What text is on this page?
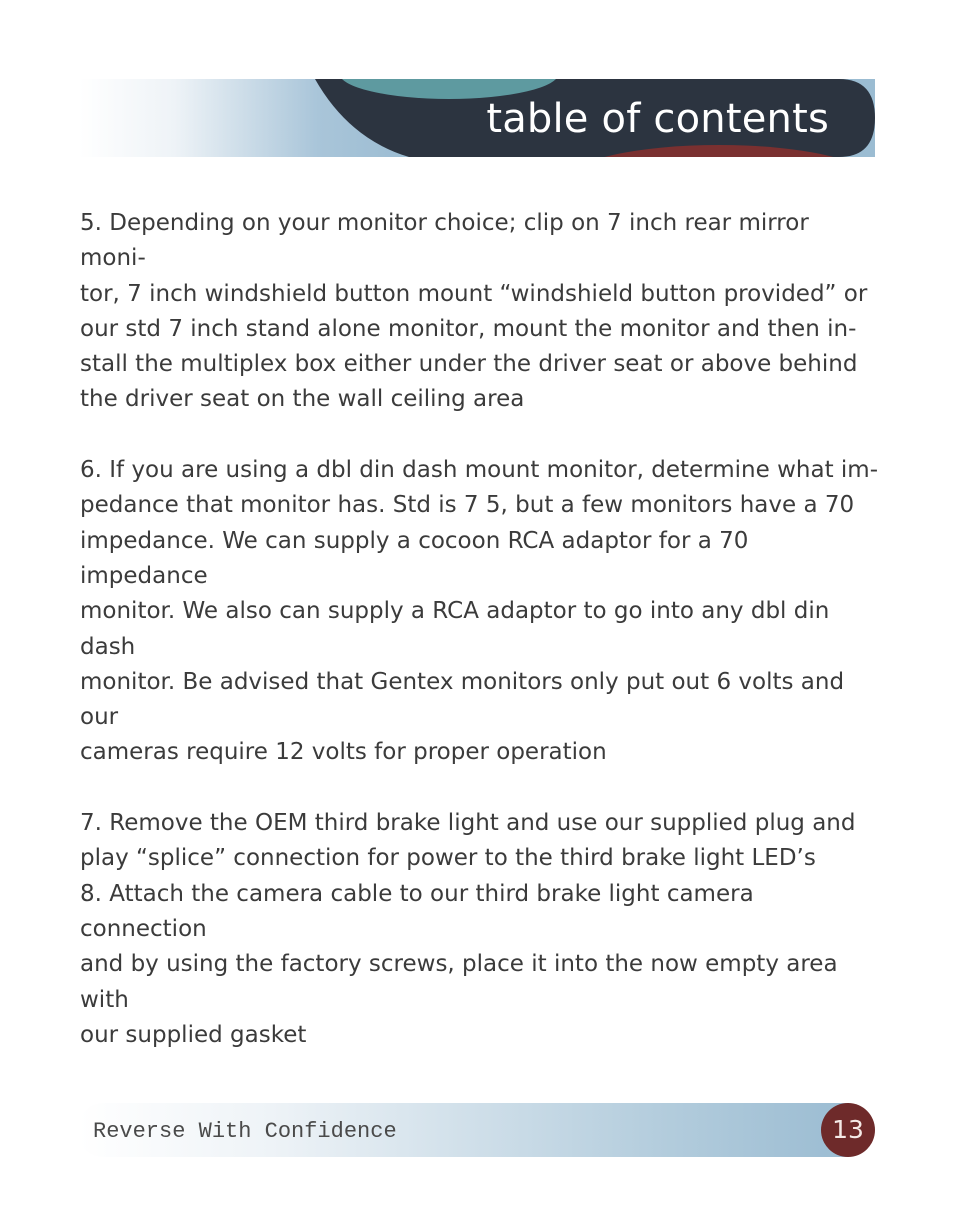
table of contents

5. Depending on your monitor choice; clip on 7 inch rear mirror moni-
tor, 7 inch windshield button mount “windshield button provided” or
our std 7 inch stand alone monitor, mount the monitor and then in-
stall the multiplex box either under the driver seat or above behind
the driver seat on the wall ceiling area

6. If you are using a dbl din dash mount monitor, determine what im-
pedance that monitor has. Std is 7 5, but a few monitors have a 70
impedance. We can supply a cocoon RCA adaptor for a 70 impedance
monitor. We also can supply a RCA adaptor to go into any dbl din dash
monitor. Be advised that Gentex monitors only put out 6 volts and our
cameras require 12 volts for proper operation

7. Remove the OEM third brake light and use our supplied plug and
play “splice” connection for power to the third brake light LED’s

8. Attach the camera cable to our third brake light camera connection
and by using the factory screws, place it into the now empty area with
our supplied gasket

Reverse With Confidence	13
